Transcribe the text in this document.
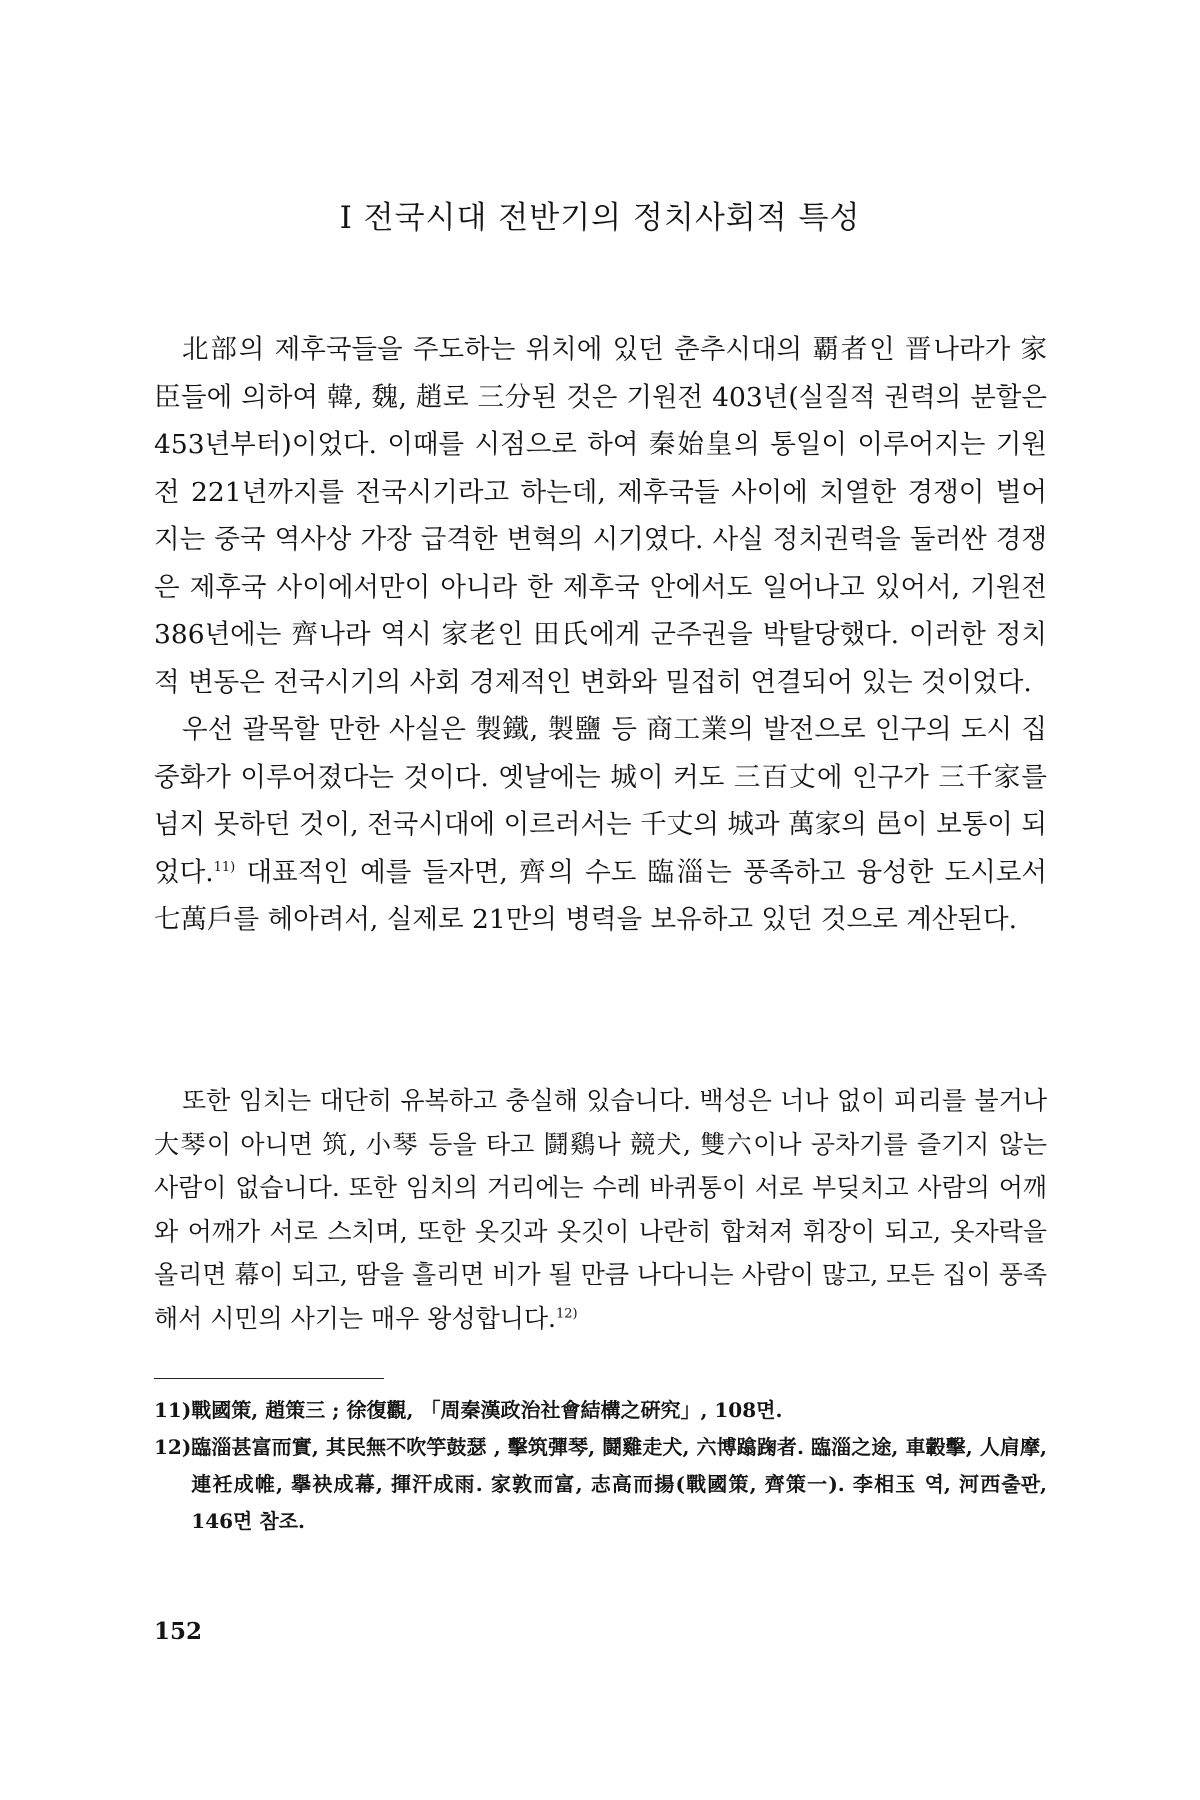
Ⅰ 전국시대 전반기의 정치사회적 특성

北部의 제후국들을 주도하는 위치에 있던 춘추시대의 覇者인 晋나라가 家臣들에 의하여 韓, 魏, 趙로 三分된 것은 기원전 403년(실질적 권력의 분할은 453년부터)이었다. 이때를 시점으로 하여 秦始皇의 통일이 이루어지는 기원전 221년까지를 전국시기라고 하는데, 제후국들 사이에 치열한 경쟁이 벌어지는 중국 역사상 가장 급격한 변혁의 시기였다. 사실 정치권력을 둘러싼 경쟁은 제후국 사이에서만이 아니라 한 제후국 안에서도 일어나고 있어서, 기원전 386년에는 齊나라 역시 家老인 田氏에게 군주권을 박탈당했다. 이러한 정치적 변동은 전국시기의 사회 경제적인 변화와 밀접히 연결되어 있는 것이었다.

우선 괄목할 만한 사실은 製鐵, 製鹽 등 商工業의 발전으로 인구의 도시 집중화가 이루어졌다는 것이다. 옛날에는 城이 커도 三百丈에 인구가 三千家를 넘지 못하던 것이, 전국시대에 이르러서는 千丈의 城과 萬家의 邑이 보통이 되었다.$^{11)}$ 대표적인 예를 들자면, 齊의 수도 臨淄는 풍족하고 융성한 도시로서 七萬戶를 헤아려서, 실제로 21만의 병력을 보유하고 있던 것으로 계산된다.

또한 임치는 대단히 유복하고 충실해 있습니다. 백성은 너나 없이 피리를 불거나 大琴이 아니면 筑, 小琴 등을 타고 鬪鷄나 競犬, 雙六이나 공차기를 즐기지 않는 사람이 없습니다. 또한 임치의 거리에는 수레 바퀴통이 서로 부딪치고 사람의 어깨와 어깨가 서로 스치며, 또한 옷깃과 옷깃이 나란히 합쳐져 휘장이 되고, 옷자락을 올리면 幕이 되고, 땀을 흘리면 비가 될 만큼 나다니는 사람이 많고, 모든 집이 풍족해서 시민의 사기는 매우 왕성합니다.$^{12)}$

11) 戰國策, 趙策三 ; 徐復觀, 「周秦漢政治社會結構之硏究」, 108면.
12) 臨淄甚富而實, 其民無不吹竽鼓瑟 , 擊筑彈琴, 鬪雞走犬, 六博蹹踘者. 臨淄之途, 車轂擊, 人肩摩, 連衽成帷, 擧袂成幕, 揮汗成雨. 家敦而富, 志高而揚(戰國策, 齊策一). 李相玉 역, 河西출판, 146면 참조.
152
